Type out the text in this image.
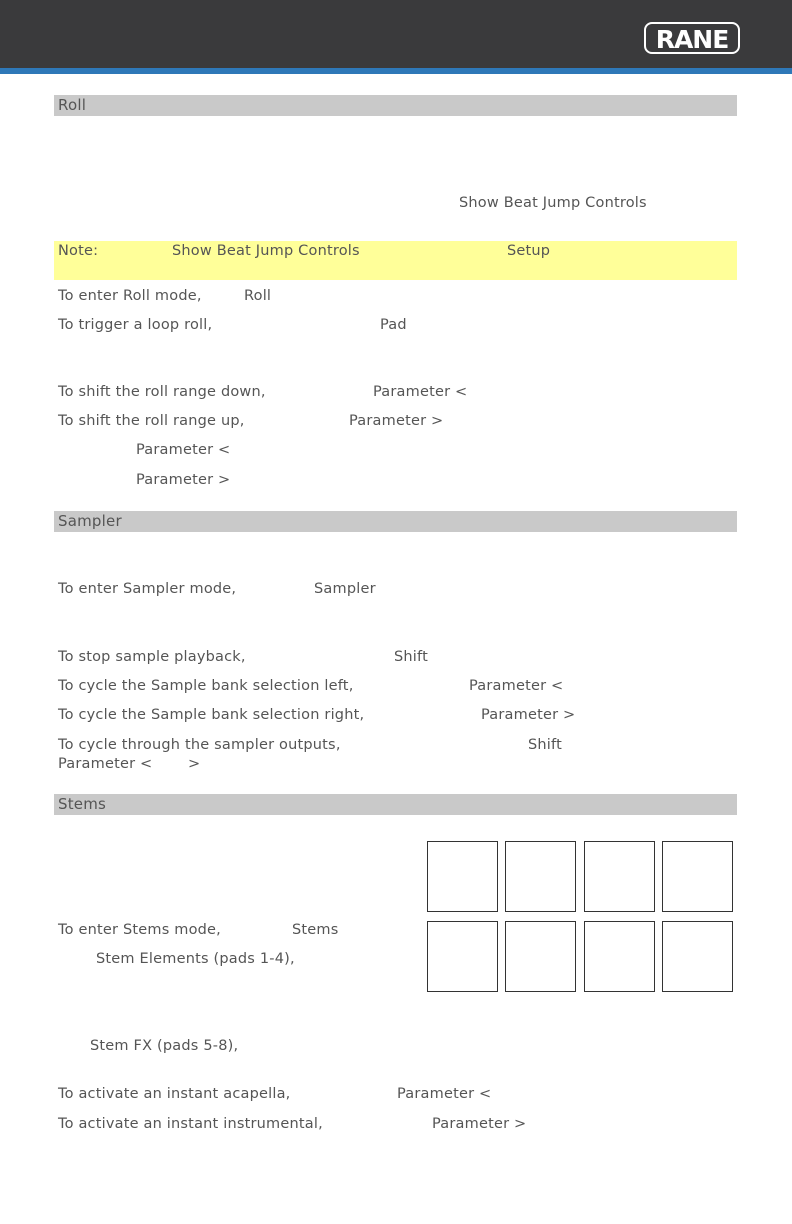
RANE
Roll
Show Beat Jump Controls
Note:	Show Beat Jump Controls	Setup
To enter Roll mode,	Roll
To trigger a loop roll,	Pad
To shift the roll range down,	Parameter <
To shift the roll range up,	Parameter >
Parameter <
Parameter >
Sampler
To enter Sampler mode,	Sampler
To stop sample playback,	Shift
To cycle the Sample bank selection left,	Parameter <
To cycle the Sample bank selection right,	Parameter >
To cycle through the sampler outputs,	Shift
Parameter < >
Stems
To enter Stems mode,	Stems
Stem Elements (pads 1-4),
Stem FX (pads 5-8),
To activate an instant acapella,	Parameter <
To activate an instant instrumental,	Parameter >
